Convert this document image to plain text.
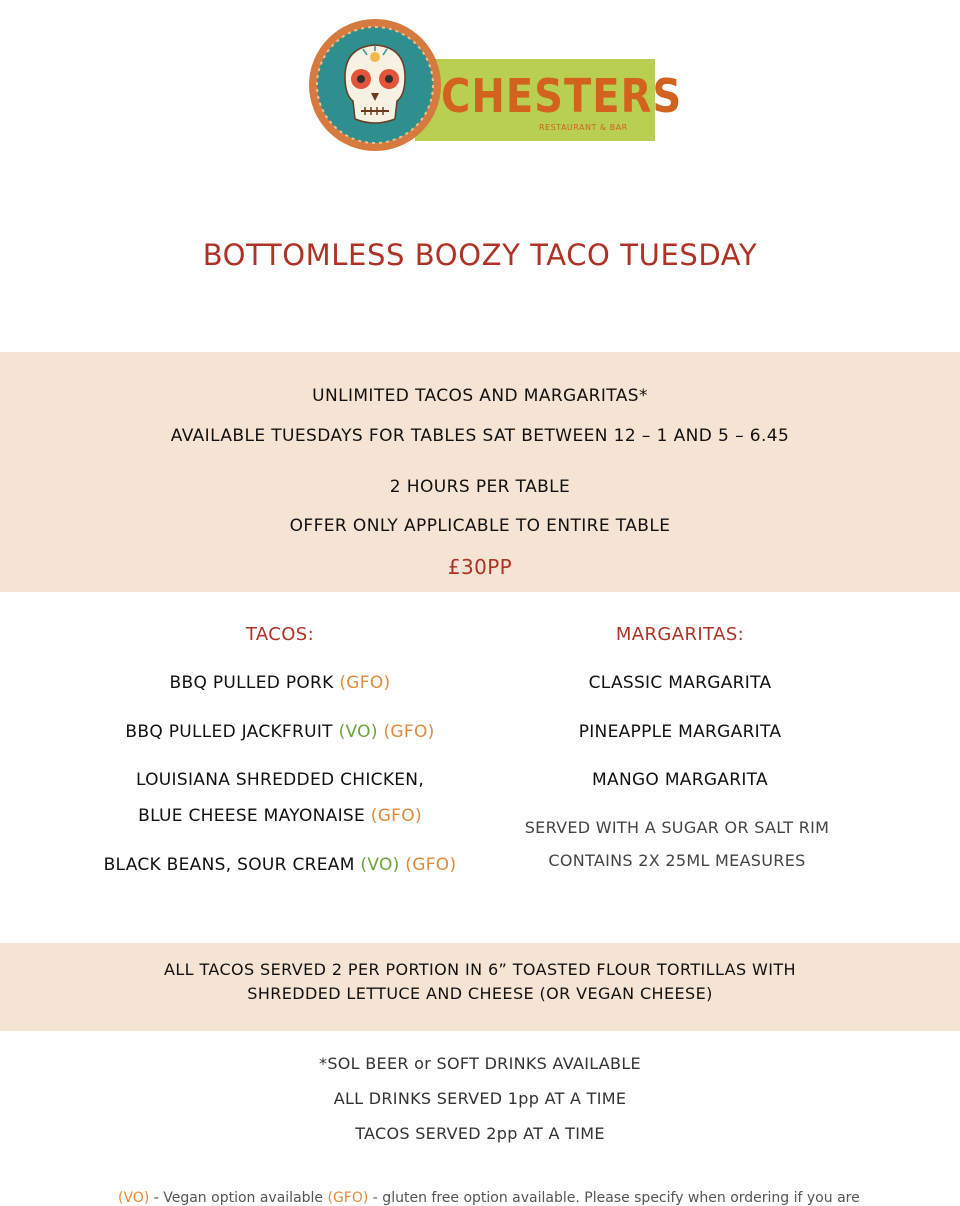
CHESTERS
RESTAURANT & BAR
BOTTOMLESS BOOZY TACO TUESDAY
UNLIMITED TACOS AND MARGARITAS*
AVAILABLE TUESDAYS FOR TABLES SAT BETWEEN 12 – 1 AND 5 – 6.45
2 HOURS PER TABLE
OFFER ONLY APPLICABLE TO ENTIRE TABLE
£30PP
TACOS:
BBQ PULLED PORK (GFO)
BBQ PULLED JACKFRUIT (VO) (GFO)
LOUISIANA SHREDDED CHICKEN,
BLUE CHEESE MAYONAISE (GFO)
BLACK BEANS, SOUR CREAM (VO) (GFO)
MARGARITAS:
CLASSIC MARGARITA
PINEAPPLE MARGARITA
MANGO MARGARITA
SERVED WITH A SUGAR OR SALT RIM
CONTAINS 2X 25ML MEASURES
ALL TACOS SERVED 2 PER PORTION IN 6” TOASTED FLOUR TORTILLAS WITH
SHREDDED LETTUCE AND CHEESE (OR VEGAN CHEESE)
*SOL BEER or SOFT DRINKS AVAILABLE
ALL DRINKS SERVED 1pp AT A TIME
TACOS SERVED 2pp AT A TIME
(VO) - Vegan option available (GFO) - gluten free option available. Please specify when ordering if you are
